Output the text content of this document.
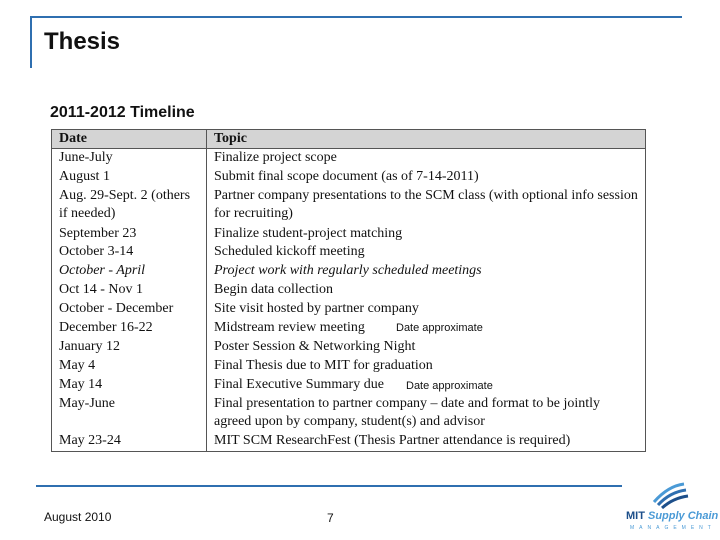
Thesis
2011-2012 Timeline
Date	Topic
June-July	Finalize project scope
August 1	Submit final scope document (as of 7-14-2011)
Aug. 29-Sept. 2 (others if needed)	Partner company presentations to the SCM class (with optional info session for recruiting)
September 23	Finalize student-project matching
October 3-14	Scheduled kickoff meeting
October - April	Project work with regularly scheduled meetings
Oct 14 - Nov 1	Begin data collection
October - December	Site visit hosted by partner company
December 16-22	Midstream review meeting Date approximate

January 12	Poster Session & Networking Night
May 4	Final Thesis due to MIT for graduation
May 14	Final Executive Summary due Date approximate

May-June	Final presentation to partner company – date and format to be jointly agreed upon by company, student(s) and advisor
May 23-24	MIT SCM ResearchFest (Thesis Partner attendance is required)
August 2010	7	MIT Supply Chain
MANAGEMENT
